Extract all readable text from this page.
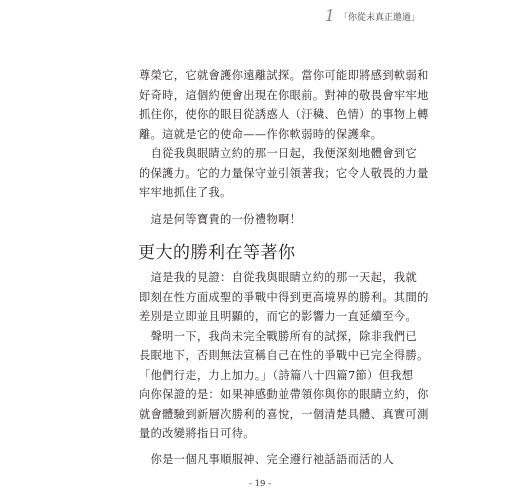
1 「你從未真正邀過」

尊榮它，它就會護你遠離試探。當你可能即將感到軟弱和

好奇時，這個約便會出現在你眼前。對神的敬畏會牢牢地

抓住你，使你的眼目從誘惑人（汙穢、色情）的事物上轉

離。這就是它的使命——作你軟弱時的保護傘。

　自從我與眼睛立約的那一日起，我便深刻地體會到它

的保護力。它的力量保守並引領著我；它令人敬畏的力量

牢牢地抓住了我。

　這是何等寶貴的一份禮物啊！

更大的勝利在等著你

　這是我的見證：自從我與眼睛立約的那一天起，我就

即刻在性方面成聖的爭戰中得到更高境界的勝利。其間的

差別是立即並且明顯的，而它的影響力一直延續至今。

　聲明一下，我尚未完全戰勝所有的試探，除非我們已

長眠地下，否則無法宣稱自己在性的爭戰中已完全得勝。

「他們行走，力上加力。」（詩篇八十四篇7節）但我想

向你保證的是：如果神感動並帶領你與你的眼睛立約，你

就會體驗到新層次勝利的喜悅，一個清楚具體、真實可測

量的改變將指日可待。

　你是一個凡事順服神、完全遵行祂話語而活的人

- 19 -
